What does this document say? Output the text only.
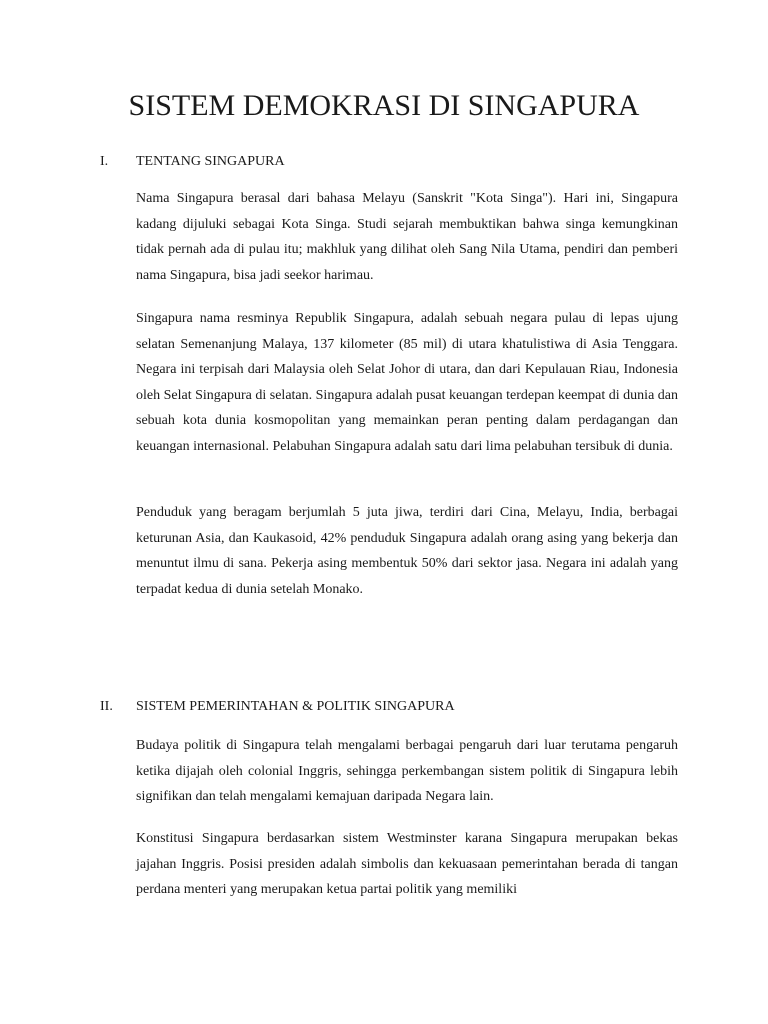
SISTEM DEMOKRASI DI SINGAPURA
I. TENTANG SINGAPURA

Nama Singapura berasal dari bahasa Melayu (Sanskrit "Kota Singa"). Hari ini, Singapura kadang dijuluki sebagai Kota Singa. Studi sejarah membuktikan bahwa singa kemungkinan tidak pernah ada di pulau itu; makhluk yang dilihat oleh Sang Nila Utama, pendiri dan pemberi nama Singapura, bisa jadi seekor harimau.

Singapura nama resminya Republik Singapura, adalah sebuah negara pulau di lepas ujung selatan Semenanjung Malaya, 137 kilometer (85 mil) di utara khatulistiwa di Asia Tenggara. Negara ini terpisah dari Malaysia oleh Selat Johor di utara, dan dari Kepulauan Riau, Indonesia oleh Selat Singapura di selatan. Singapura adalah pusat keuangan terdepan keempat di dunia dan sebuah kota dunia kosmopolitan yang memainkan peran penting dalam perdagangan dan keuangan internasional. Pelabuhan Singapura adalah satu dari lima pelabuhan tersibuk di dunia.

Penduduk yang beragam berjumlah 5 juta jiwa, terdiri dari Cina, Melayu, India, berbagai keturunan Asia, dan Kaukasoid, 42% penduduk Singapura adalah orang asing yang bekerja dan menuntut ilmu di sana. Pekerja asing membentuk 50% dari sektor jasa. Negara ini adalah yang terpadat kedua di dunia setelah Monako.

II. SISTEM PEMERINTAHAN & POLITIK SINGAPURA

Budaya politik di Singapura telah mengalami berbagai pengaruh dari luar terutama pengaruh ketika dijajah oleh colonial Inggris, sehingga perkembangan sistem politik di Singapura lebih signifikan dan telah mengalami kemajuan daripada Negara lain.

Konstitusi Singapura berdasarkan sistem Westminster karana Singapura merupakan bekas jajahan Inggris. Posisi presiden adalah simbolis dan kekuasaan pemerintahan berada di tangan perdana menteri yang merupakan ketua partai politik yang memiliki
